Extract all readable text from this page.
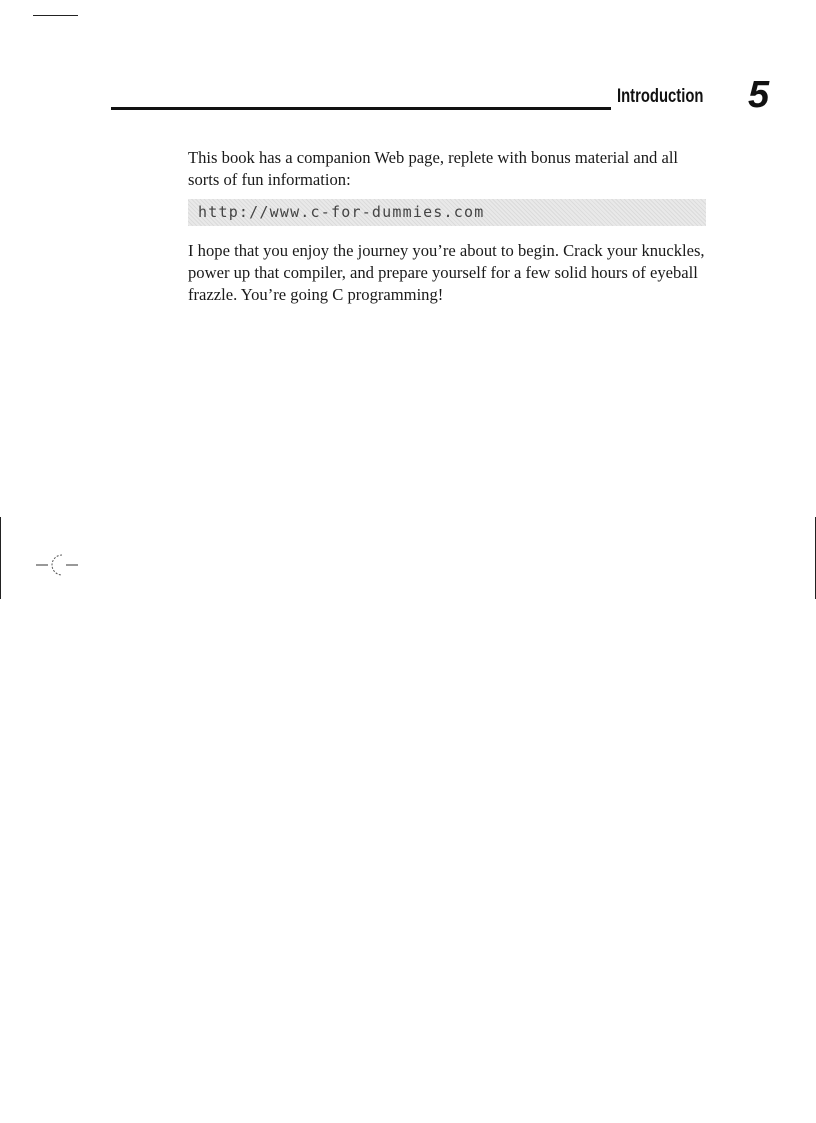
Introduction 5

This book has a companion Web page, replete with bonus material and all
sorts of fun information:

http://www.c-for-dummies.com

I hope that you enjoy the journey you’re about to begin. Crack your knuckles,
power up that compiler, and prepare yourself for a few solid hours of eyeball
frazzle. You’re going C programming!
